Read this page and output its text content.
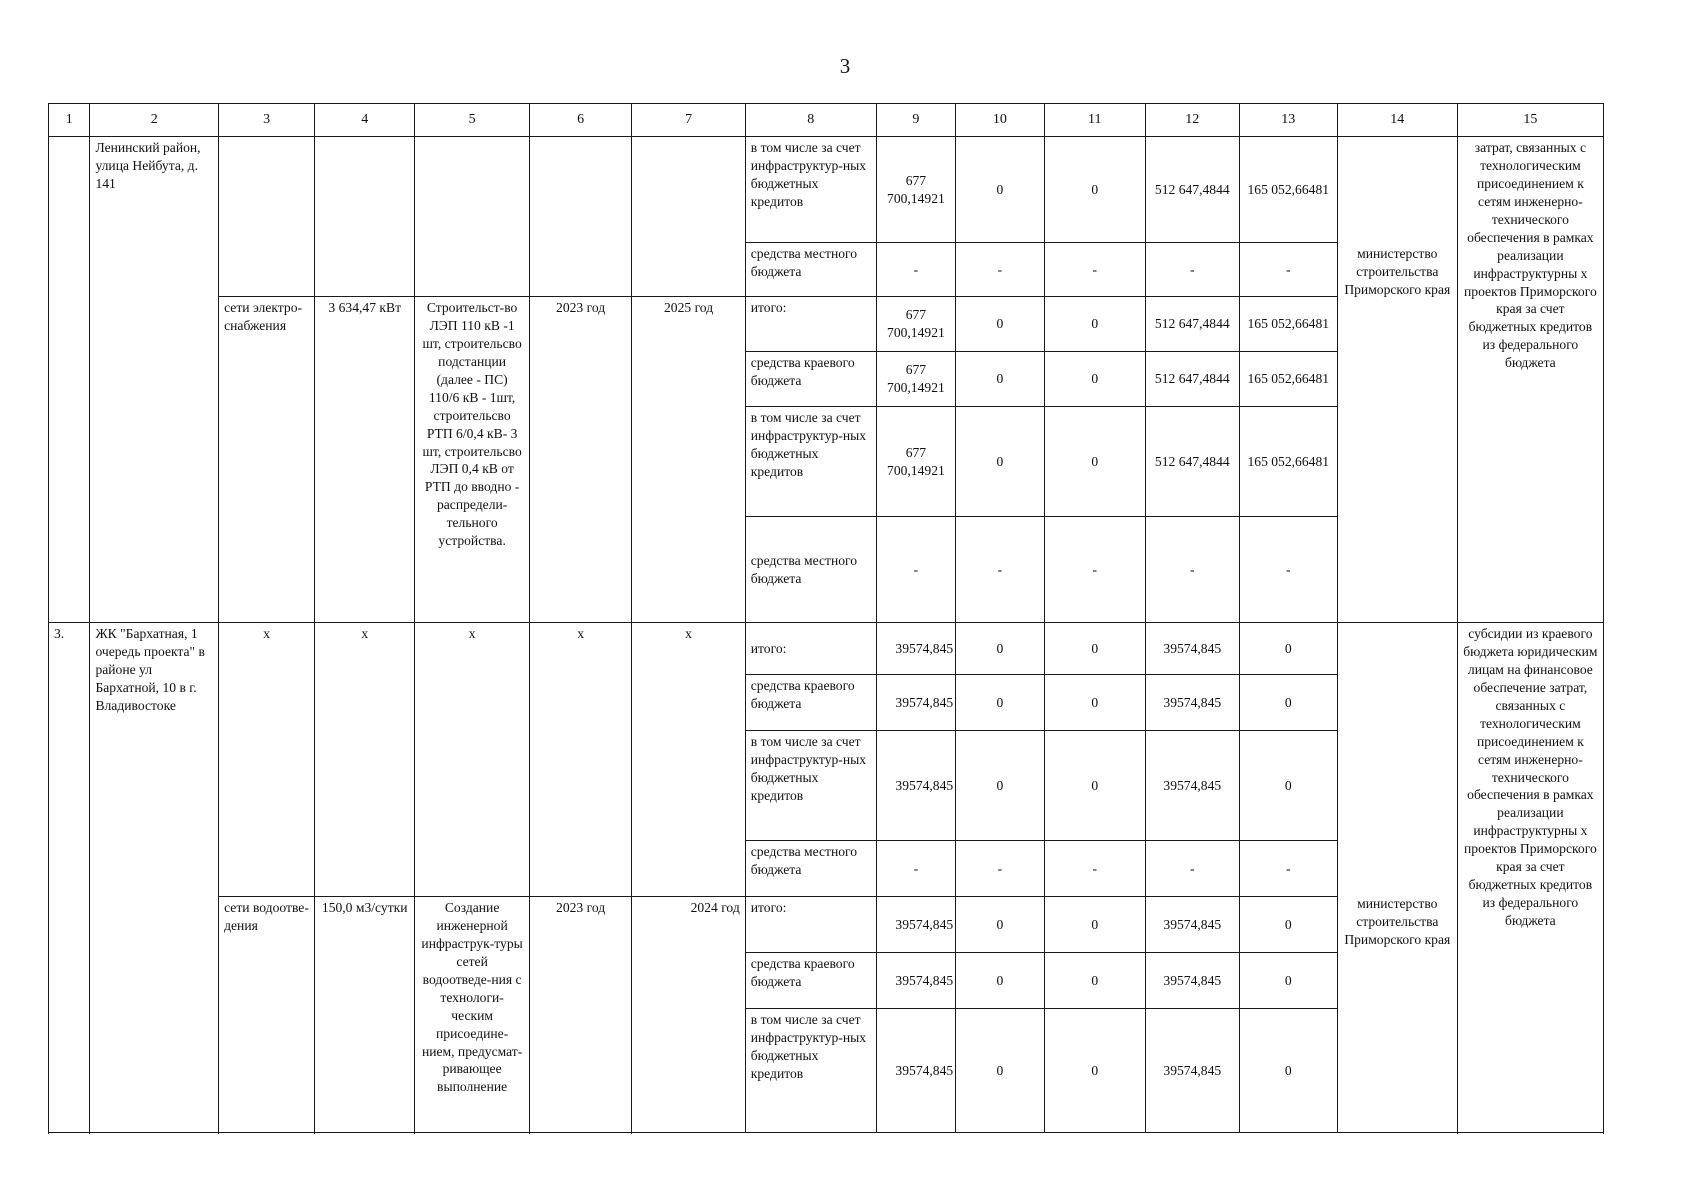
3
1	2	3	4	5	6	7	8	9	10	11	12	13	14	15
	Ленинский район, улица Нейбута, д. 141						в том числе за счет инфраструктур-ных бюджетных кредитов	677 700,14921	0	0	512 647,4844	165 052,66481	министерство строительства Приморского края	затрат, связанных с технологическим присоединением к сетям инженерно-технического обеспечения в рамках реализации инфраструктурны х проектов Приморского края за счет бюджетных кредитов из федерального бюджета
							средства местного бюджета	-	-	-	-	-		
		сети электро-снабжения	3 634,47 кВт	Строительст-во ЛЭП 110 кВ -1 шт, строительсво подстанции (далее - ПС) 110/6 кВ - 1шт, строительсво РТП 6/0,4 кВ- 3 шт, строительсво ЛЭП 0,4 кВ от РТП до вводно - распредели-тельного устройства.	2023 год	2025 год	итого:	677 700,14921	0	0	512 647,4844	165 052,66481		
							средства краевого бюджета	677 700,14921	0	0	512 647,4844	165 052,66481		
							в том числе за счет инфраструктур-ных бюджетных кредитов	677 700,14921	0	0	512 647,4844	165 052,66481		
							средства местного бюджета	-	-	-	-	-		

3.	ЖК "Бархатная, 1 очередь проекта" в районе ул Бархатной, 10 в г. Владивостоке	х	х	х	х	х	итого:	39574,845	0	0	39574,845	0	министерство строительства Приморского края	субсидии из краевого бюджета юридическим лицам на финансовое обеспечение затрат, связанных с технологическим присоединением к сетям инженерно-технического обеспечения в рамках реализации инфраструктурны х проектов Приморского края за счет бюджетных кредитов из федерального бюджета
							средства краевого бюджета	39574,845	0	0	39574,845	0		
							в том числе за счет инфраструктур-ных бюджетных кредитов	39574,845	0	0	39574,845	0		
							средства местного бюджета	-	-	-	-	-		
		сети водоотве-дения	150,0 м3/сутки	Создание инженерной инфраструк-туры сетей водоотведе-ния с технологи-ческим присоедине-нием, предусмат-ривающее выполнение	2023 год	2024 год	итого:	39574,845	0	0	39574,845	0		
							средства краевого бюджета	39574,845	0	0	39574,845	0		
							в том числе за счет инфраструктур-ных бюджетных кредитов	39574,845	0	0	39574,845	0		
